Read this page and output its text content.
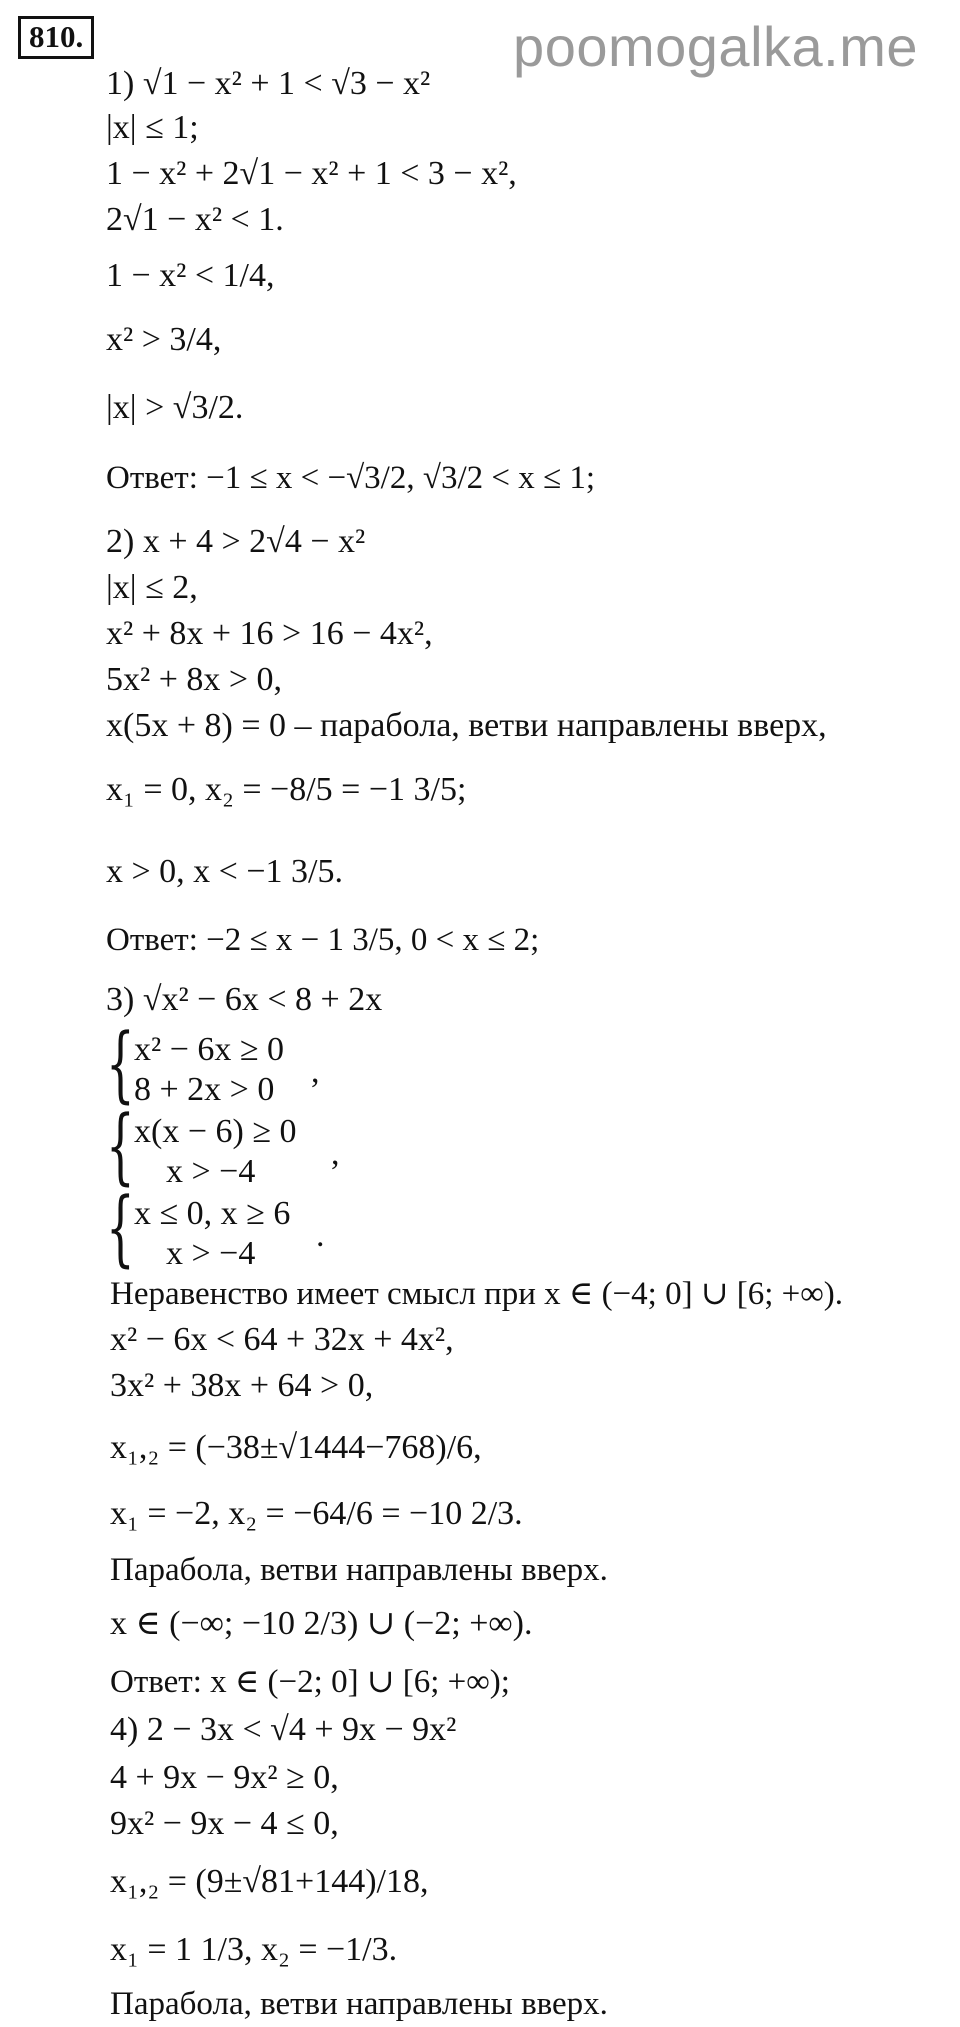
810.	poomogalka.me
1) √1 − x² + 1 < √3 − x²
|x| ≤ 1;
1 − x² + 2√1 − x² + 1 < 3 − x²,
2√1 − x² < 1.
1 − x² < 1/4,
x² > 3/4,
|x| > √3/2.
Ответ: −1 ≤ x < −√3/2, √3/2 < x ≤ 1;
2) x + 4 > 2√4 − x²
|x| ≤ 2,
x² + 8x + 16 > 16 − 4x²,
5x² + 8x > 0,
x(5x + 8) = 0 – парабола, ветви направлены вверх,
x₁ = 0, x₂ = −8/5 = −1 3/5;
x > 0, x < −1 3/5.
Ответ: −2 ≤ x − 1 3/5, 0 < x ≤ 2;
3) √x² − 6x < 8 + 2x
{ x² − 6x ≥ 0
8 + 2x > 0 ,
{ x(x − 6) ≥ 0
x > −4 ,
{ x ≤ 0, x ≥ 6
x > −4 .
Неравенство имеет смысл при x ∈ (−4; 0] ∪ [6; +∞).
x² − 6x < 64 + 32x + 4x²,
3x² + 38x + 64 > 0,
x₁,₂ = (−38±√1444−768)/6,
x₁ = −2, x₂ = −64/6 = −10 2/3.
Парабола, ветви направлены вверх.
x ∈ (−∞; −10 2/3) ∪ (−2; +∞).
Ответ: x ∈ (−2; 0] ∪ [6; +∞);
4) 2 − 3x < √4 + 9x − 9x²
4 + 9x − 9x² ≥ 0,
9x² − 9x − 4 ≤ 0,
x₁,₂ = (9±√81+144)/18,
x₁ = 1 1/3, x₂ = −1/3.
Парабола, ветви направлены вверх.
